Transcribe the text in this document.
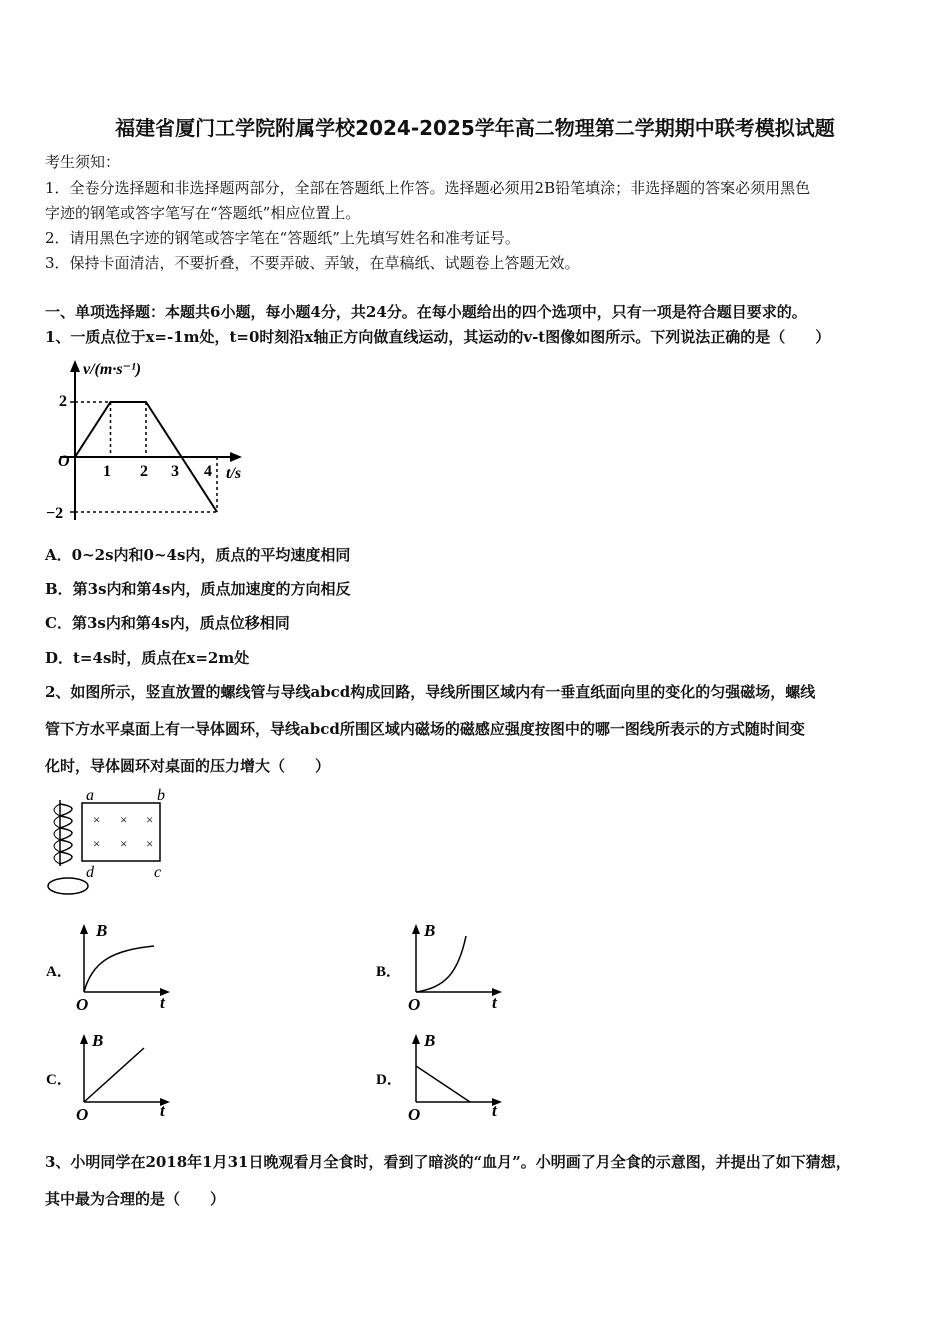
福建省厦门工学院附属学校2024-2025学年高二物理第二学期期中联考模拟试题
考生须知：
1．全卷分选择题和非选择题两部分，全部在答题纸上作答。选择题必须用2B铅笔填涂；非选择题的答案必须用黑色
字迹的钢笔或答字笔写在“答题纸”相应位置上。
2．请用黑色字迹的钢笔或答字笔在“答题纸”上先填写姓名和准考证号。
3．保持卡面清洁，不要折叠，不要弄破、弄皱，在草稿纸、试题卷上答题无效。
一、单项选择题：本题共6小题，每小题4分，共24分。在每小题给出的四个选项中，只有一项是符合题目要求的。
1、一质点位于x=-1m处，t=0时刻沿x轴正方向做直线运动，其运动的v-t图像如图所示。下列说法正确的是（　　）
v/(m·s⁻¹)
t/s
O
2
−2
1 2 3 4
A．0~2s内和0~4s内，质点的平均速度相同
B．第3s内和第4s内，质点加速度的方向相反
C．第3s内和第4s内，质点位移相同
D．t=4s时，质点在x=2m处
2、如图所示，竖直放置的螺线管与导线abcd构成回路，导线所围区域内有一垂直纸面向里的变化的匀强磁场，螺线
管下方水平桌面上有一导体圆环，导线abcd所围区域内磁场的磁感应强度按图中的哪一图线所表示的方式随时间变
化时，导体圆环对桌面的压力增大（　　）
a	b
d	c
× × ×
× × ×
A．
B
t
O
B．
B
t
O
C．
B
t
O
D．
B
t
O
3、小明同学在2018年1月31日晚观看月全食时，看到了暗淡的“血月”。小明画了月全食的示意图，并提出了如下猜想，
其中最为合理的是（　　）
